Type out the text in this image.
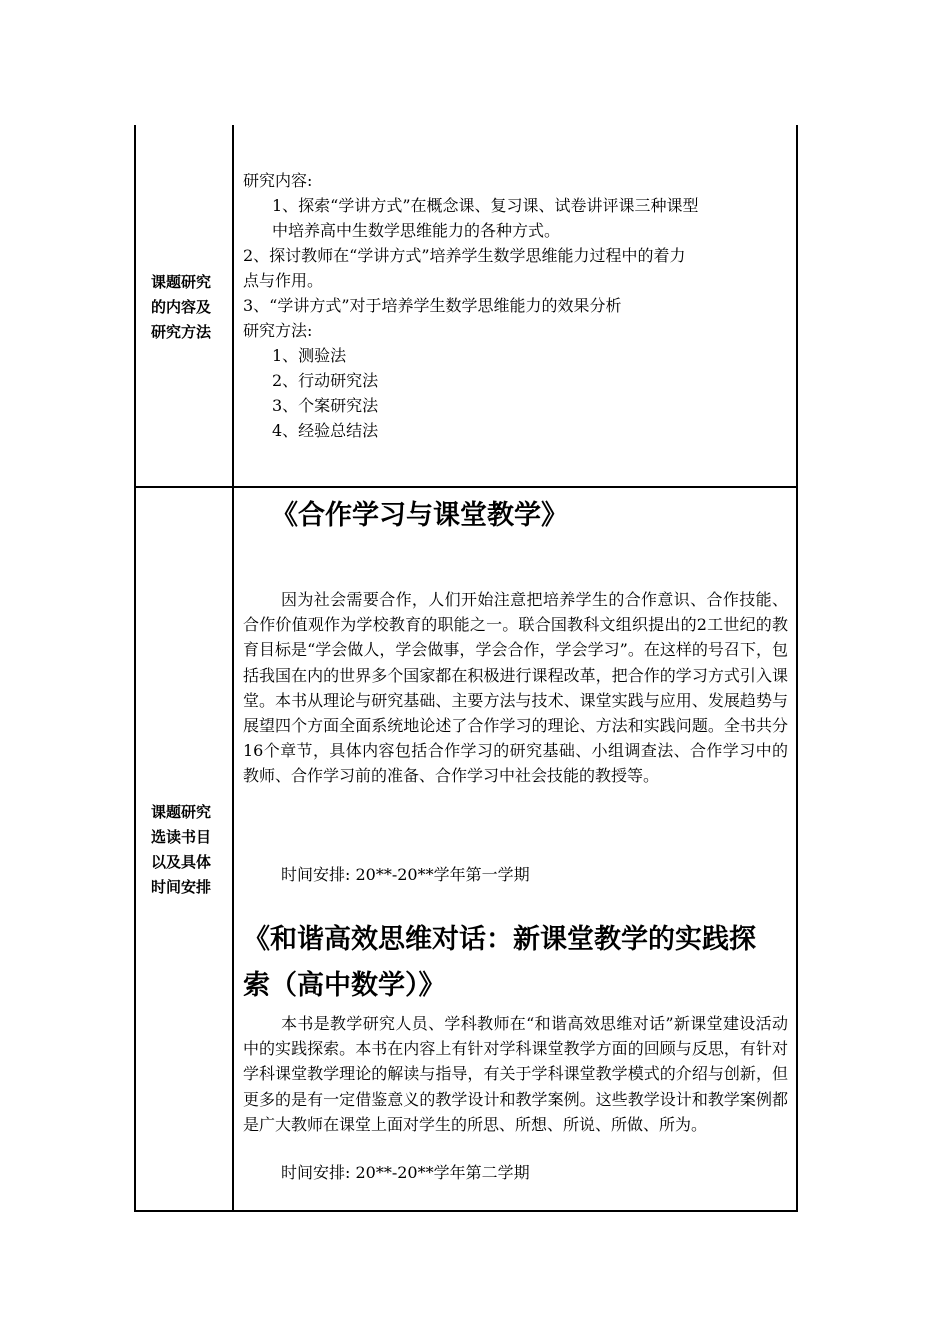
课题研究
的内容及
研究方法
研究内容:
1、探索“学讲方式”在概念课、复习课、试卷讲评课三种课型
中培养高中生数学思维能力的各种方式。
2、探讨教师在“学讲方式”培养学生数学思维能力过程中的着力
点与作用。
3、“学讲方式”对于培养学生数学思维能力的效果分析
研究方法:
1、测验法
2、行动研究法
3、个案研究法
4、经验总结法
课题研究
选读书目
以及具体
时间安排
《合作学习与课堂教学》
因为社会需要合作，人们开始注意把培养学生的合作意识、合作技能、合作价值观作为学校教育的职能之一。联合国教科文组织提出的2工世纪的教育目标是“学会做人，学会做事，学会合作，学会学习”。在这样的号召下，包括我国在内的世界多个国家都在积极进行课程改革，把合作的学习方式引入课堂。本书从理论与研究基础、主要方法与技术、课堂实践与应用、发展趋势与展望四个方面全面系统地论述了合作学习的理论、方法和实践问题。全书共分16个章节，具体内容包括合作学习的研究基础、小组调查法、合作学习中的教师、合作学习前的准备、合作学习中社会技能的教授等。
时间安排: 20**-20**学年第一学期
《和谐高效思维对话：新课堂教学的实践探
索（高中数学）》
本书是教学研究人员、学科教师在“和谐高效思维对话”新课堂建设活动中的实践探索。本书在内容上有针对学科课堂教学方面的回顾与反思，有针对学科课堂教学理论的解读与指导，有关于学科课堂教学模式的介绍与创新，但更多的是有一定借鉴意义的教学设计和教学案例。这些教学设计和教学案例都是广大教师在课堂上面对学生的所思、所想、所说、所做、所为。
时间安排: 20**-20**学年第二学期
